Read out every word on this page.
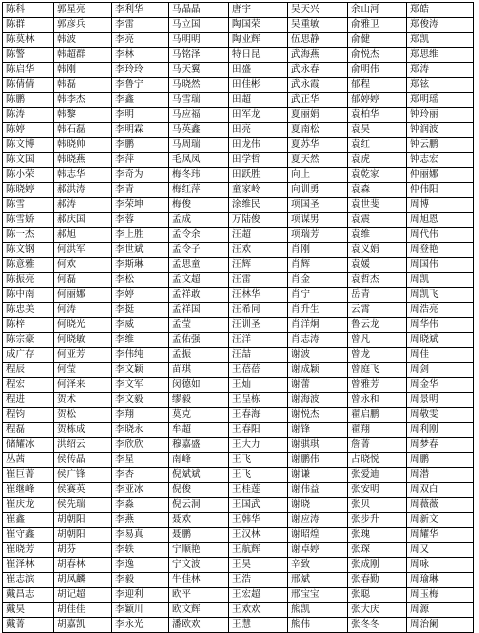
陈科	郭星亮	李利华	马晶晶	唐宇	吴天兴	余山河	郑皓
陈群	郭彦兵	李雷	马立国	陶国荣	吴重敏	俞雅卫	郑俊涛
陈莫林	韩波	李亮	马明明	陶业辉	伍思静	俞健	郑凯
陈警	韩超群	李林	马铭泽	特日昆	武海燕	俞悦杰	郑思维
陈启华	韩刚	李玲玲	马天翼	田盛	武永春	俞明伟	郑涛
陈倩倩	韩磊	李鲁宁	马晓然	田佳彬	武永霞	郁程	郑铉
陈鹏	韩李杰	李鑫	马雪瑞	田超	武正华	郁婷婷	郑明瑶
陈涛	韩黎	李明	马应福	田军龙	夏丽娟	袁柏华	钟玲丽
陈婷	韩石磊	李明霖	马英鑫	田亮	夏南松	袁昊	钟润波
陈文博	韩晓帅	李鹏	马周瑞	田龙伟	夏苏华	袁红	钟云鹏
陈文国	韩晓燕	李萍	毛凤凤	田学哲	夏天然	袁虎	钟志宏
陈小荣	韩志华	李奇为	梅冬玮	田跃胜	向上	袁乾家	仲丽娜
陈晓婷	郝洪涛	李青	梅红萍	童家岭	向训勇	袁森	仲伟阳
陈雪	郝涛	李荣坤	梅俊	涂维民	项国圣	袁世斐	周博
陈雪娇	郝庆国	李蓉	孟成	万陆俊	项谋男	袁震	周旭恩
陈一杰	郝旭	李上胜	孟令余	汪超	项瑞芳	袁维	周代伟
陈文钢	何洪军	李世斌	孟令子	汪欢	肖刚	袁义娟	周登艳
陈意雅	何欢	李斯琳	孟思童	汪辉	肖辉	袁媛	周国伟
陈振亮	何磊	李松	孟文超	汪雷	肖金	袁哲杰	周凯
陈中南	何丽娜	李婷	孟祥敢	汪林华	肖宁	岳青	周凯飞
陈忠美	何涛	李挺	孟祥国	汪希同	肖升生	云霄	周浩亮
陈梓	何晓光	李威	孟莹	汪训圣	肖洋炯	鲁云龙	周华伟
陈宗豪	何晓敏	李维	孟佑强	汪洋	肖志涛	曾凡	周晓斌
成广存	何亚芳	李伟纯	孟振	汪喆	谢波	曾龙	周佳
程辰	何莹	李文颖	苗琪	王蓓蓓	谢成颖	曾庭飞	周剑
程宏	何泽来	李文军	闵德如	王灿	谢蕾	曾雅芳	周金华
程进	贺术	李文毅	缪毅	王呈栋	谢海波	曾永和	周景明
程钧	贺松	李翔	莫克	王春海	谢悦杰	翟启鹏	周敬雯
程磊	贺栋成	李晓永	牟超	王春阳	谢锋	翟翔	周利刚
储耀冰	洪绍云	李欣欣	穆嘉盛	王大力	谢骐琪	詹菁	周梦春
丛茜	侯传晶	李星	南峰	王飞	谢鹏伟	占晓悦	周鹏
崔巨菁	侯广锋	李杏	倪斌斌	王飞	谢谦	张爱迪	周潜
崔继峰	侯赛英	李亚冰	倪俊	王桂莲	谢伟益	张安明	周双白
崔庆龙	侯先瑞	李淼	倪云洞	王国武	谢晓	张贝	周薇薇
崔鑫	胡朝阳	李燕	聂欢	王韩华	谢应涛	张步升	周新文
崔守鑫	胡朝阳	李易真	聂鹏	王汉林	谢昭煌	张瑰	周耀华
崔晓芳	胡芬	李轶	宁顺艳	王航辉	谢卓婷	张琛	周又
崔泽林	胡春林	李逸	宁文波	王昊	辛致	张成刚	周咏
崔志滨	胡凤麟	李毅	牛佳林	王浩	邢斌	张春勤	周瑜琳
戴昌志	胡记超	李迎利	欧平	王宏超	邢宝宝	张聪	周玉梅
戴昊	胡佳佳	李颖川	欧文辉	王欢欢	熊凯	张大庆	周源
戴菁	胡嘉凯	李永光	潘欧欢	王慧	熊伟	张冬冬	周治阑
